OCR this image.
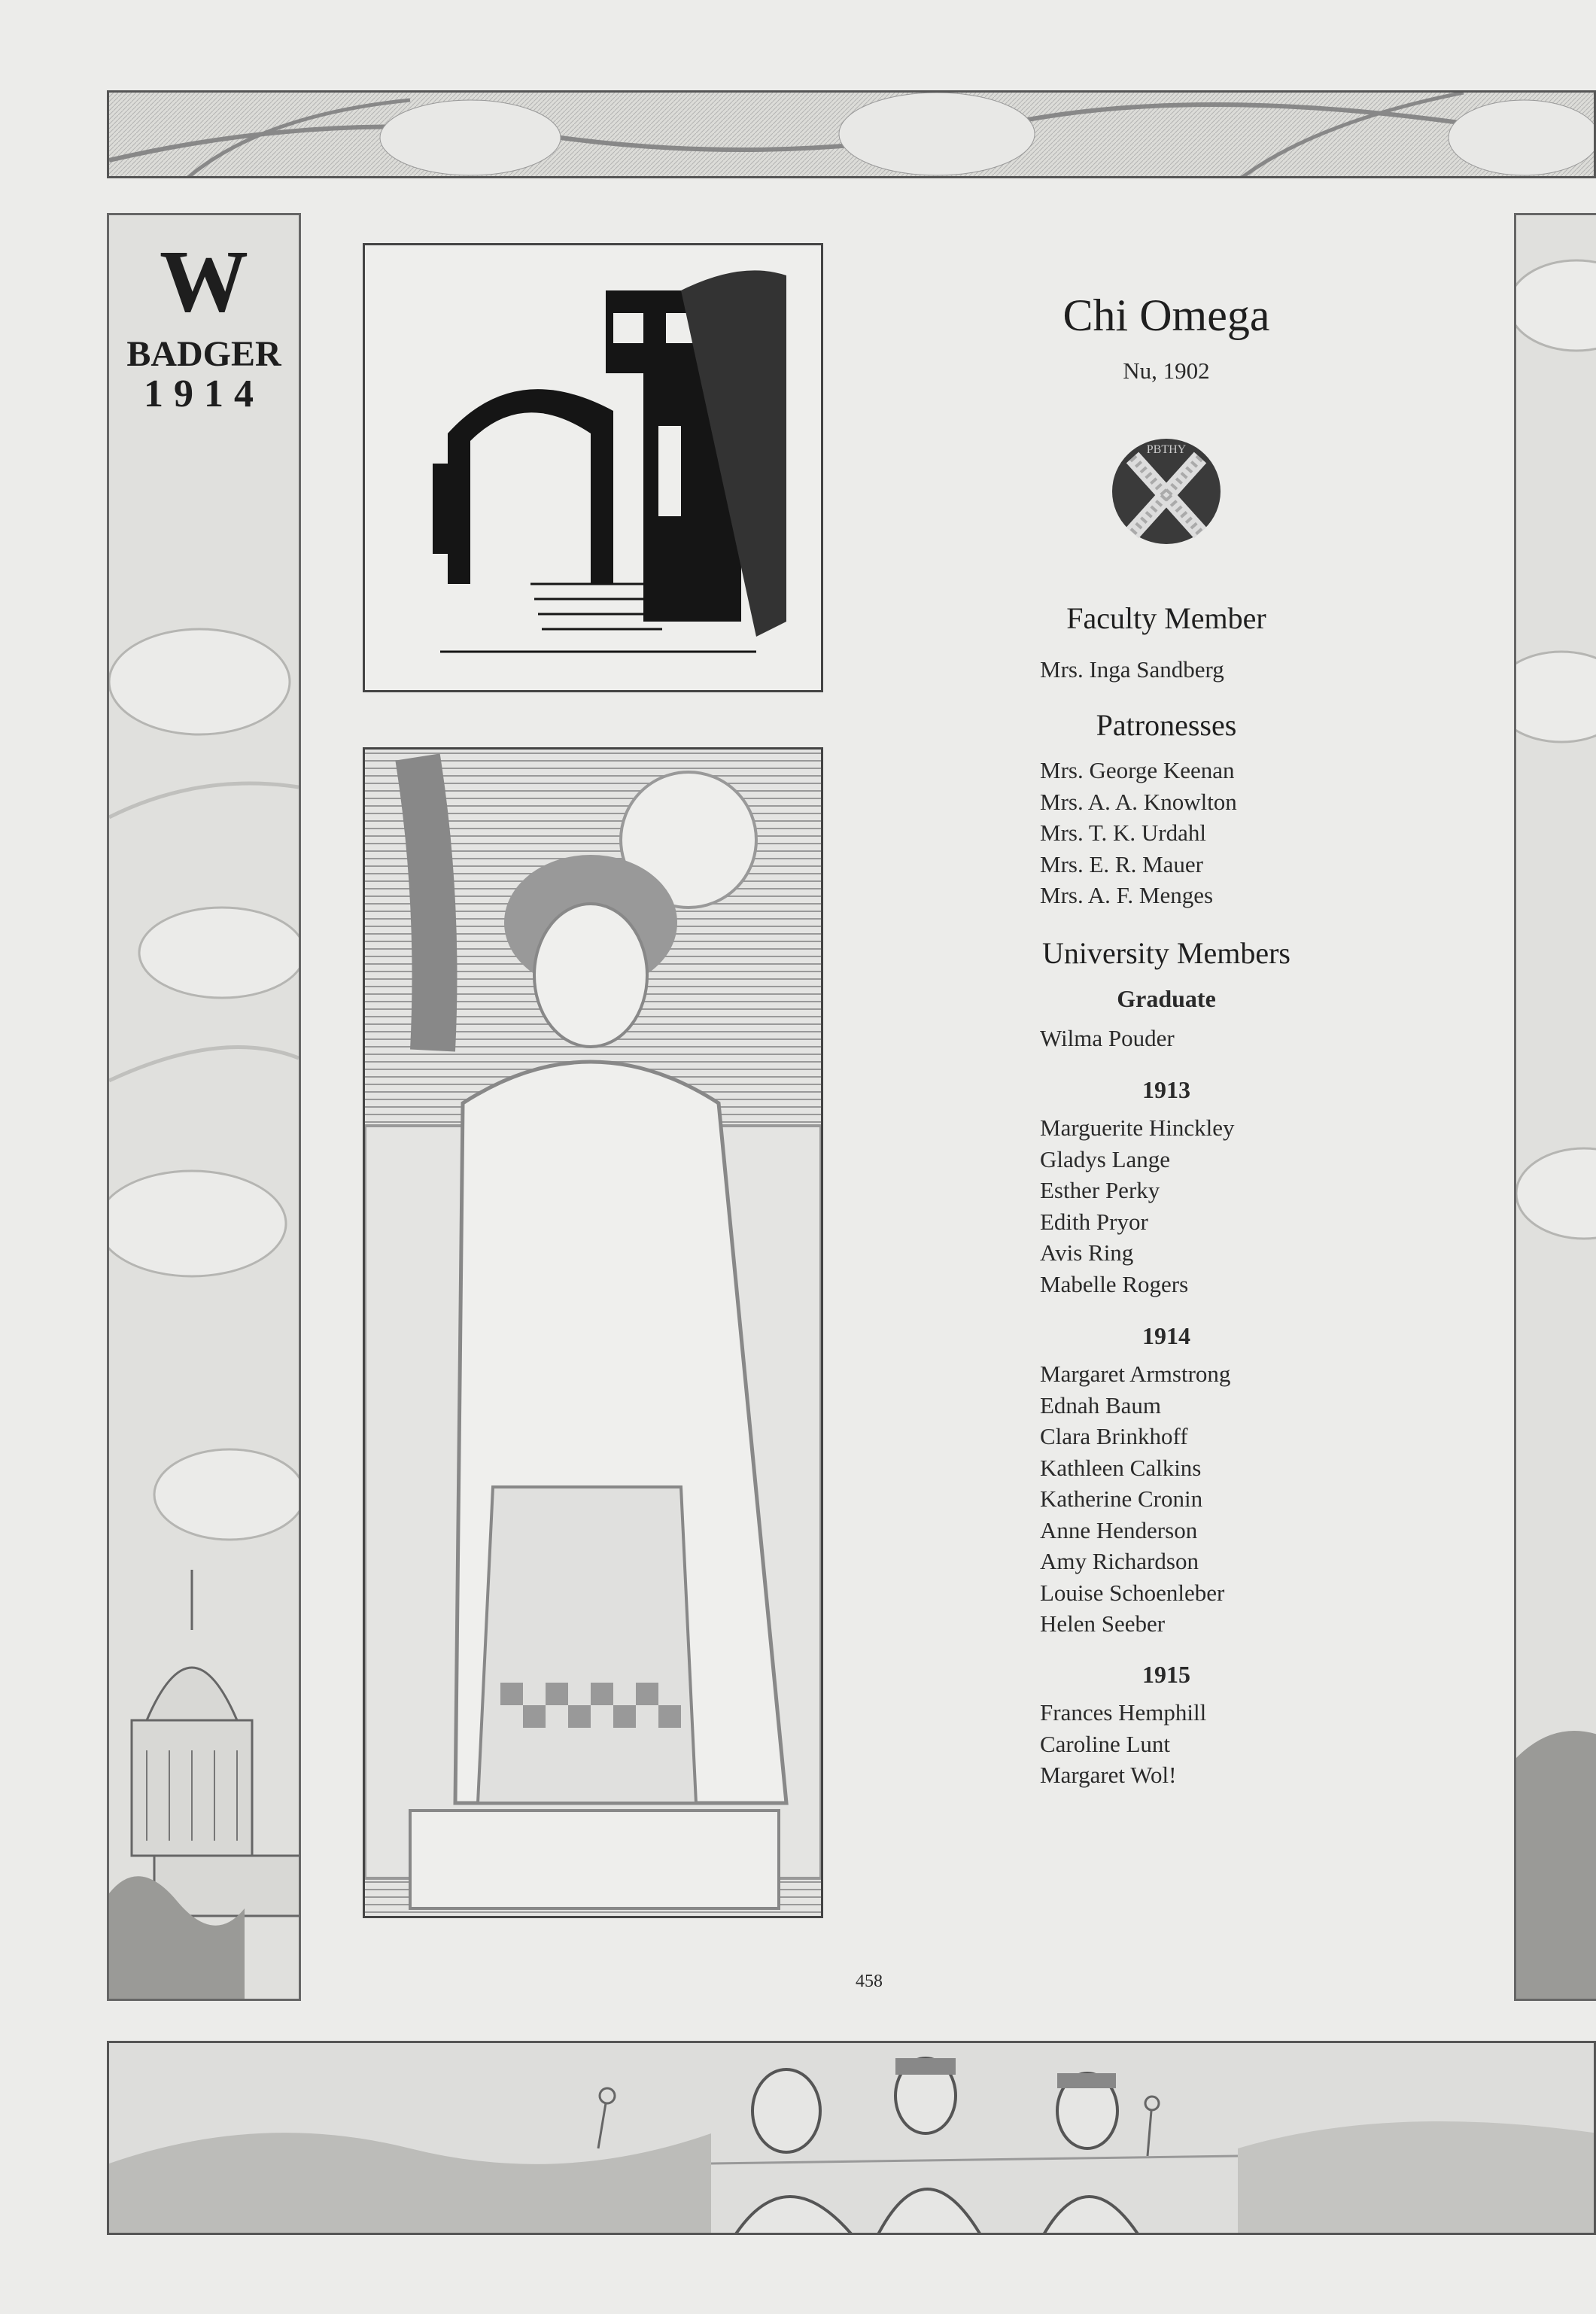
W
BADGER
1914
Chi Omega
Nu, 1902
PBTHY
Faculty Member
Mrs. Inga Sandberg
Patronesses
Mrs. George Keenan
Mrs. A. A. Knowlton
Mrs. T. K. Urdahl
Mrs. E. R. Mauer
Mrs. A. F. Menges
University Members
Graduate
Wilma Pouder
1913
Marguerite Hinckley
Gladys Lange
Esther Perky
Edith Pryor
Avis Ring
Mabelle Rogers
1914
Margaret Armstrong
Ednah Baum
Clara Brinkhoff
Kathleen Calkins
Katherine Cronin
Anne Henderson
Amy Richardson
Louise Schoenleber
Helen Seeber
1915
Frances Hemphill
Caroline Lunt
Margaret Wol!
458
